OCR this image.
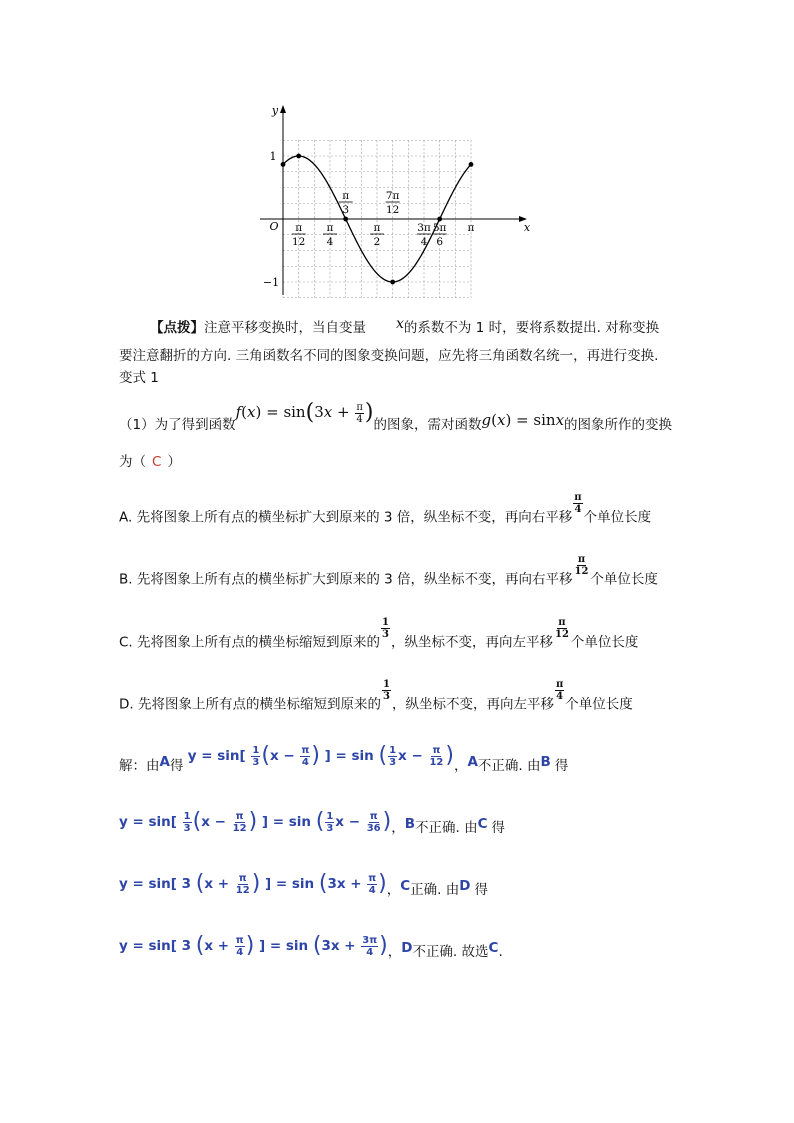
y
x
O
1
−1
π
12
π
4
π
2
3π
4
5π
6
π
π
3
7π
12
【点拨】注意平移变换时，当自变量 x的系数不为 1 时，要将系数提出. 对称变换
要注意翻折的方向. 三角函数名不同的图象变换问题，应先将三角函数名统一，再进行变换.
变式 1
（1）为了得到函数$f(x) = \sin(3x + \frac{\pi}{4}$ )的图象，需对函数g(x) = sinx的图象所作的变换
为（ C ）
A. 先将图象上所有点的横坐标扩大到原来的 3 倍，纵坐标不变，再向右平移
$\frac{\pi}{4}$
个单位长度
B. 先将图象上所有点的横坐标扩大到原来的 3 倍，纵坐标不变，再向右平移
$\frac{\pi}{12}$
个单位长度
C. 先将图象上所有点的横坐标缩短到原来的
$\frac{1}{3}$
，纵坐标不变，再向左平移
$\frac{\pi}{12}$
个单位长度
D. 先将图象上所有点的横坐标缩短到原来的
$\frac{1}{3}$
，纵坐标不变，再向左平移
$\frac{\pi}{4}$
个单位长度
解：由A得 $y = \sin[ \frac{1}{3} (x - \frac{\pi}{4}$ ) ] = sin ( $\frac{1}{3}$ $x - \frac{\pi}{12}$ )，A不正确. 由B 得
$y = \sin[ \frac{1}{3} (x - \frac{\pi}{12}$ ) ] = sin ( $\frac{1}{3}$ $x - \frac{\pi}{36}$ )，B不正确. 由C 得
y = sin[ 3 ($x + \frac{\pi}{12}$ ) ] = $\sin (3x + \frac{\pi}{4}$ )，C正确. 由D 得
y = sin[ 3 ($x + \frac{\pi}{4}$ ) ] = $\sin (3x + \frac{3\pi}{4}$ )，D不正确. 故选C.
